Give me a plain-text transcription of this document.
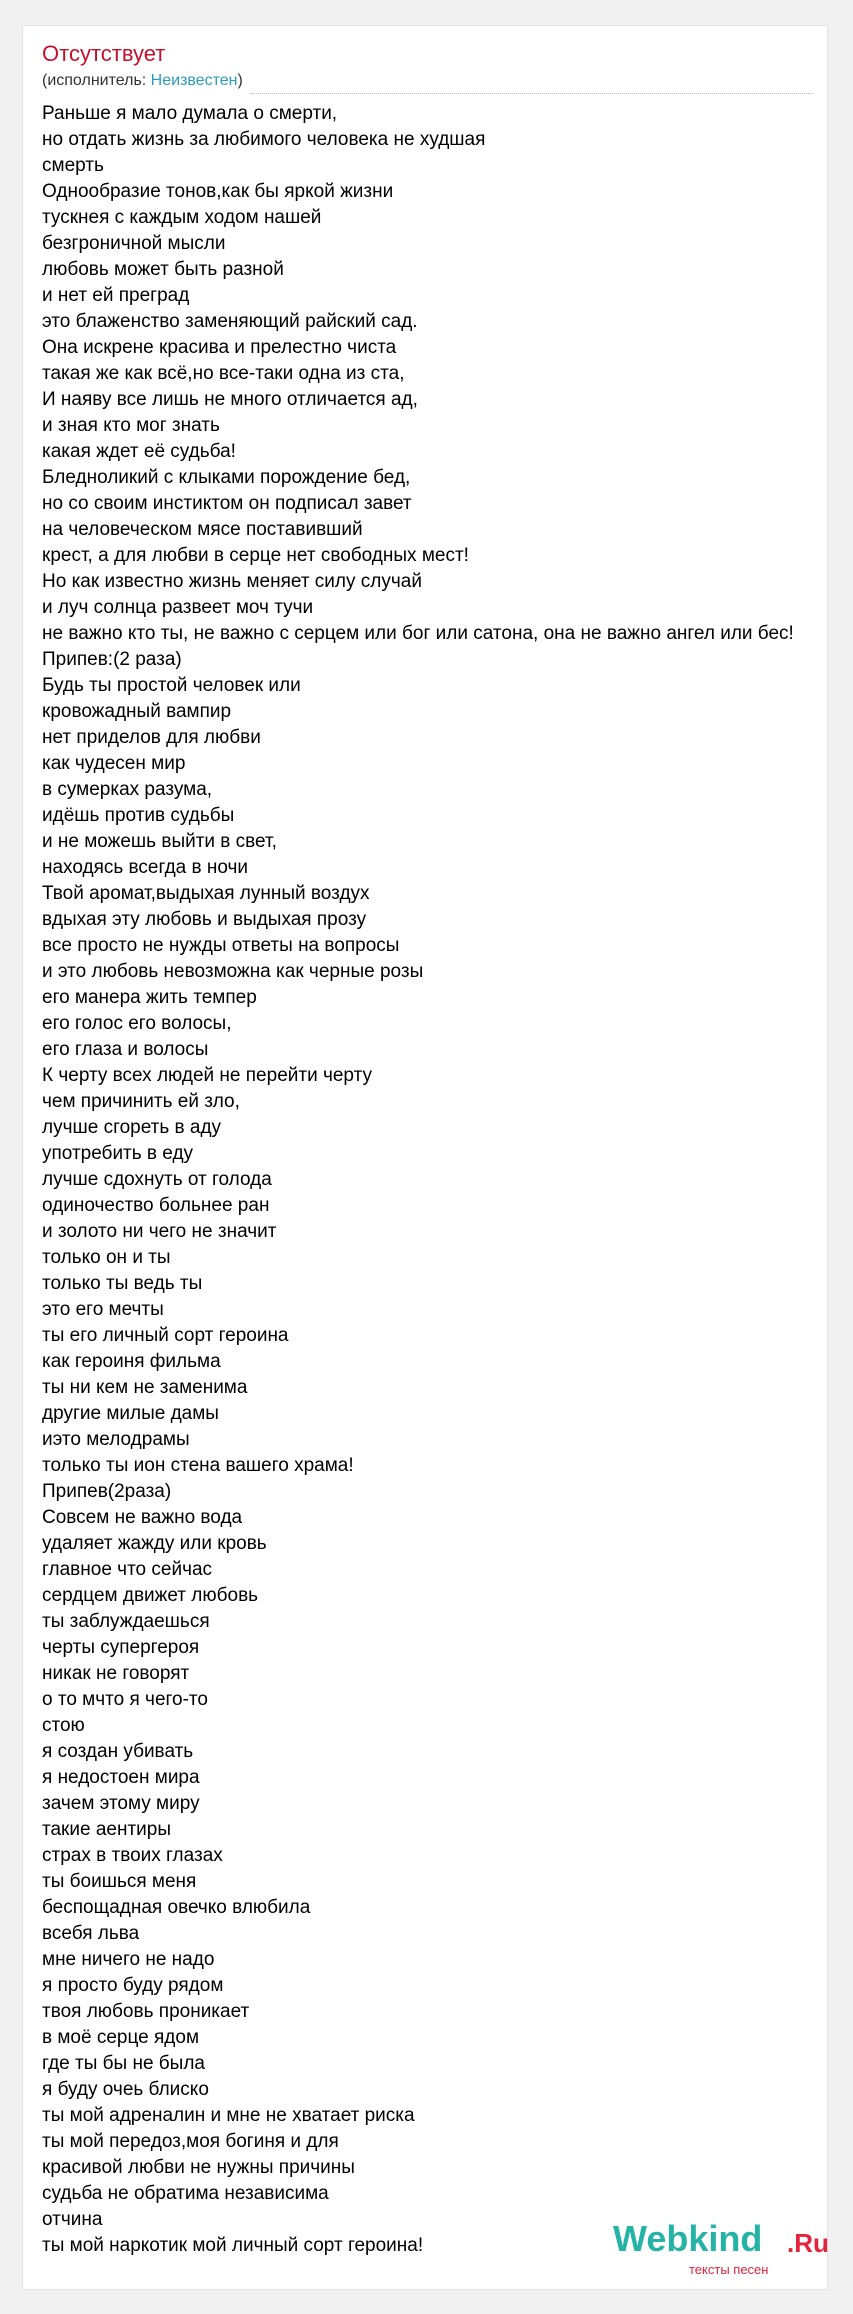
Отсутствует
(исполнитель: Неизвестен)
Раньше я мало думала о смерти,
но отдать жизнь за любимого человека не худшая
смерть
Однообразие тонов,как бы яркой жизни
тускнея с каждым ходом нашей
безгроничной мысли
любовь может быть разной
и нет ей преград
это блаженство заменяющий райский сад.
Она искрене красива и прелестно чиста
такая же как всё,но все-таки одна из ста,
И наяву все лишь не много отличается ад,
и зная кто мог знать
какая ждет её судьба!
Бледноликий с клыками порождение бед,
но со своим инстиктом он подписал завет
на человеческом мясе поставивший
крест, а для любви в серце нет свободных мест!
Но как известно жизнь меняет силу случай
и луч солнца развеет моч тучи
не важно кто ты, не важно с серцем или бог или сатона, она не важно ангел или бес!
Припев:(2 раза)
Будь ты простой человек или
кровожадный вампир
нет приделов для любви
как чудесен мир
в сумерках разума,
идёшь против судьбы
и не можешь выйти в свет,
находясь всегда в ночи
Твой аромат,выдыхая лунный воздух
вдыхая эту любовь и выдыхая прозу
все просто не нужды ответы на вопросы
и это любовь невозможна как черные розы
его манера жить темпер
его голос его волосы,
его глаза и волосы
К черту всех людей не перейти черту
чем причинить ей зло,
лучше сгореть в аду
употребить в еду
лучше сдохнуть от голода
одиночество больнее ран
и золото ни чего не значит
только он и ты
только ты ведь ты
это его мечты
ты его личный сорт героина
как героиня фильма
ты ни кем не заменима
другие милые дамы
иэто мелодрамы
только ты ион стена вашего храма!
Припев(2раза)
Совсем не важно вода
удаляет жажду или кровь
главное что сейчас
сердцем движет любовь
ты заблуждаешься
черты супергероя
никак не говорят
о то мчто я чего-то
стою
я создан убивать
я недостоен мира
зачем этому миру
такие аентиры
страх в твоих глазах
ты боишься меня
беспощадная овечко влюбила
всебя льва
мне ничего не надо
я просто буду рядом
твоя любовь проникает
в моё серце ядом
где ты бы не была
я буду очеь блиско
ты мой адреналин и мне не хватает риска
ты мой передоз,моя богиня и для
красивой любви не нужны причины
судьба не обратима независима
отчина
ты мой наркотик мой личный сорт героина!	Webkind .Ru
тексты песен
